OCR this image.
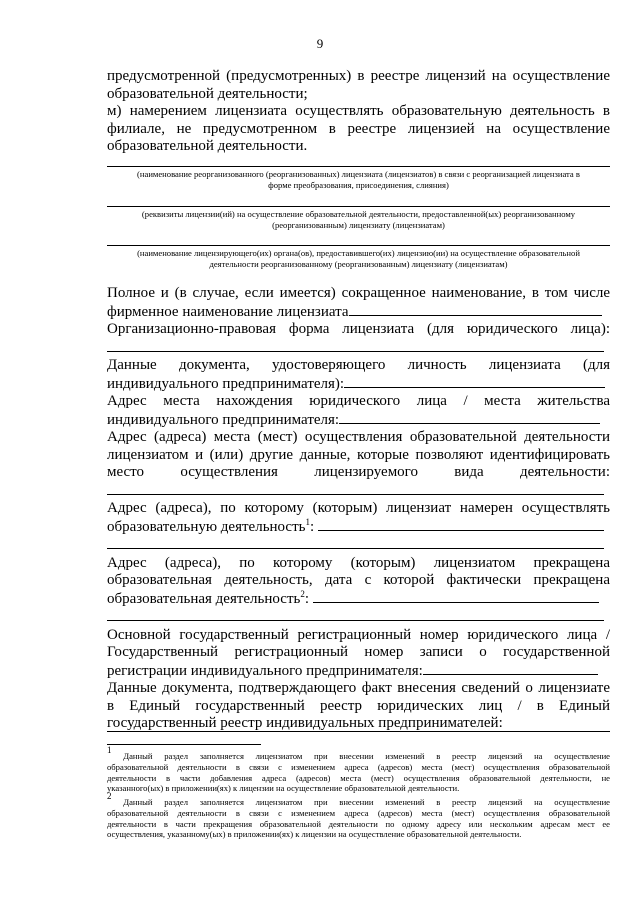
9
предусмотренной (предусмотренных) в реестре лицензий на осуществление
образовательной деятельности;
м) намерением лицензиата осуществлять образовательную деятельность в
филиале, не предусмотренном в реестре лицензией на осуществление
образовательной деятельности.
(наименование реорганизованного (реорганизованных) лицензиата (лицензиатов) в связи с реорганизацией лицензиата в
форме преобразования, присоединения, слияния)
(реквизиты лицензии(ий) на осуществление образовательной деятельности, предоставленной(ых) реорганизованному
(реорганизованным) лицензиату (лицензиатам)
(наименование лицензирующего(их) органа(ов), предоставившего(их) лицензию(ии) на осуществление образовательной
деятельности реорганизованному (реорганизованным) лицензиату (лицензиатам)
Полное и (в случае, если имеется) сокращенное наименование, в том числе
фирменное наименование лицензиата
Организационно-правовая форма лицензиата (для юридического лица):
Данные документа, удостоверяющего личность лицензиата (для
индивидуального предпринимателя):
Адрес места нахождения юридического лица / места жительства
индивидуального предпринимателя:
Адрес (адреса) места (мест) осуществления образовательной деятельности
лицензиатом и (или) другие данные, которые позволяют идентифицировать
место осуществления лицензируемого вида деятельности:
Адрес (адреса), по которому (которым) лицензиат намерен осуществлять
образовательную деятельность$^1$:
Адрес (адреса), по которому (которым) лицензиатом прекращена
образовательная деятельность, дата с которой фактически прекращена
образовательная деятельность$^2$:
Основной государственный регистрационный номер юридического лица /
Государственный регистрационный номер записи о государственной
регистрации индивидуального предпринимателя:
Данные документа, подтверждающего факт внесения сведений о лицензиате
в Единый государственный реестр юридических лиц / в Единый
государственный реестр индивидуальных предпринимателей:
$^1$ Данный раздел заполняется лицензиатом при внесении изменений в реестр лицензий на осуществление
образовательной деятельности в связи с изменением адреса (адресов) места (мест) осуществления образовательной
деятельности в части добавления адреса (адресов) места (мест) осуществления образовательной деятельности, не
указанного(ых) в приложении(ях) к лицензии на осуществление образовательной деятельности.
$^2$ Данный раздел заполняется лицензиатом при внесении изменений в реестр лицензий на осуществление
образовательной деятельности в связи с изменением адреса (адресов) места (мест) осуществления образовательной
деятельности в части прекращения образовательной деятельности по одному адресу или нескольким адресам мест ее
осуществления, указанному(ых) в приложении(ях) к лицензии на осуществление образовательной деятельности.
